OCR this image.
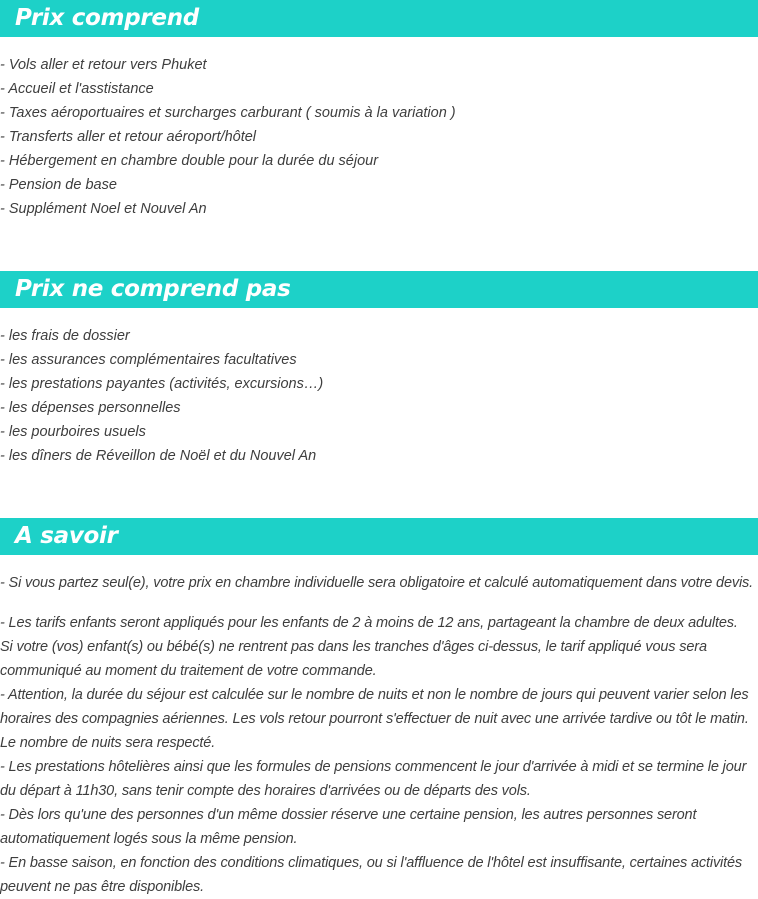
Prix comprend
- Vols aller et retour vers Phuket
- Accueil et l'asstistance
- Taxes aéroportuaires et surcharges carburant ( soumis à la variation )
- Transferts aller et retour aéroport/hôtel
- Hébergement en chambre double pour la durée du séjour
- Pension de base
- Supplément Noel et Nouvel An
Prix ne comprend pas
- les frais de dossier
- les assurances complémentaires facultatives
- les prestations payantes (activités, excursions…)
- les dépenses personnelles
- les pourboires usuels
- les dîners de Réveillon de Noël et du Nouvel An
A savoir

- Si vous partez seul(e), votre prix en chambre individuelle sera obligatoire et calculé automatiquement dans votre devis.

- Les tarifs enfants seront appliqués pour les enfants de 2 à moins de 12 ans, partageant la chambre de deux adultes.
Si votre (vos) enfant(s) ou bébé(s) ne rentrent pas dans les tranches d'âges ci-dessus, le tarif appliqué vous sera
communiqué au moment du traitement de votre commande.
- Attention, la durée du séjour est calculée sur le nombre de nuits et non le nombre de jours qui peuvent varier selon les
horaires des compagnies aériennes. Les vols retour pourront s'effectuer de nuit avec une arrivée tardive ou tôt le matin.
Le nombre de nuits sera respecté.
- Les prestations hôtelières ainsi que les formules de pensions commencent le jour d'arrivée à midi et se termine le jour
du départ à 11h30, sans tenir compte des horaires d'arrivées ou de départs des vols.
- Dès lors qu'une des personnes d'un même dossier réserve une certaine pension, les autres personnes seront
automatiquement logés sous la même pension.
- En basse saison, en fonction des conditions climatiques, ou si l'affluence de l'hôtel est insuffisante, certaines activités
peuvent ne pas être disponibles.
